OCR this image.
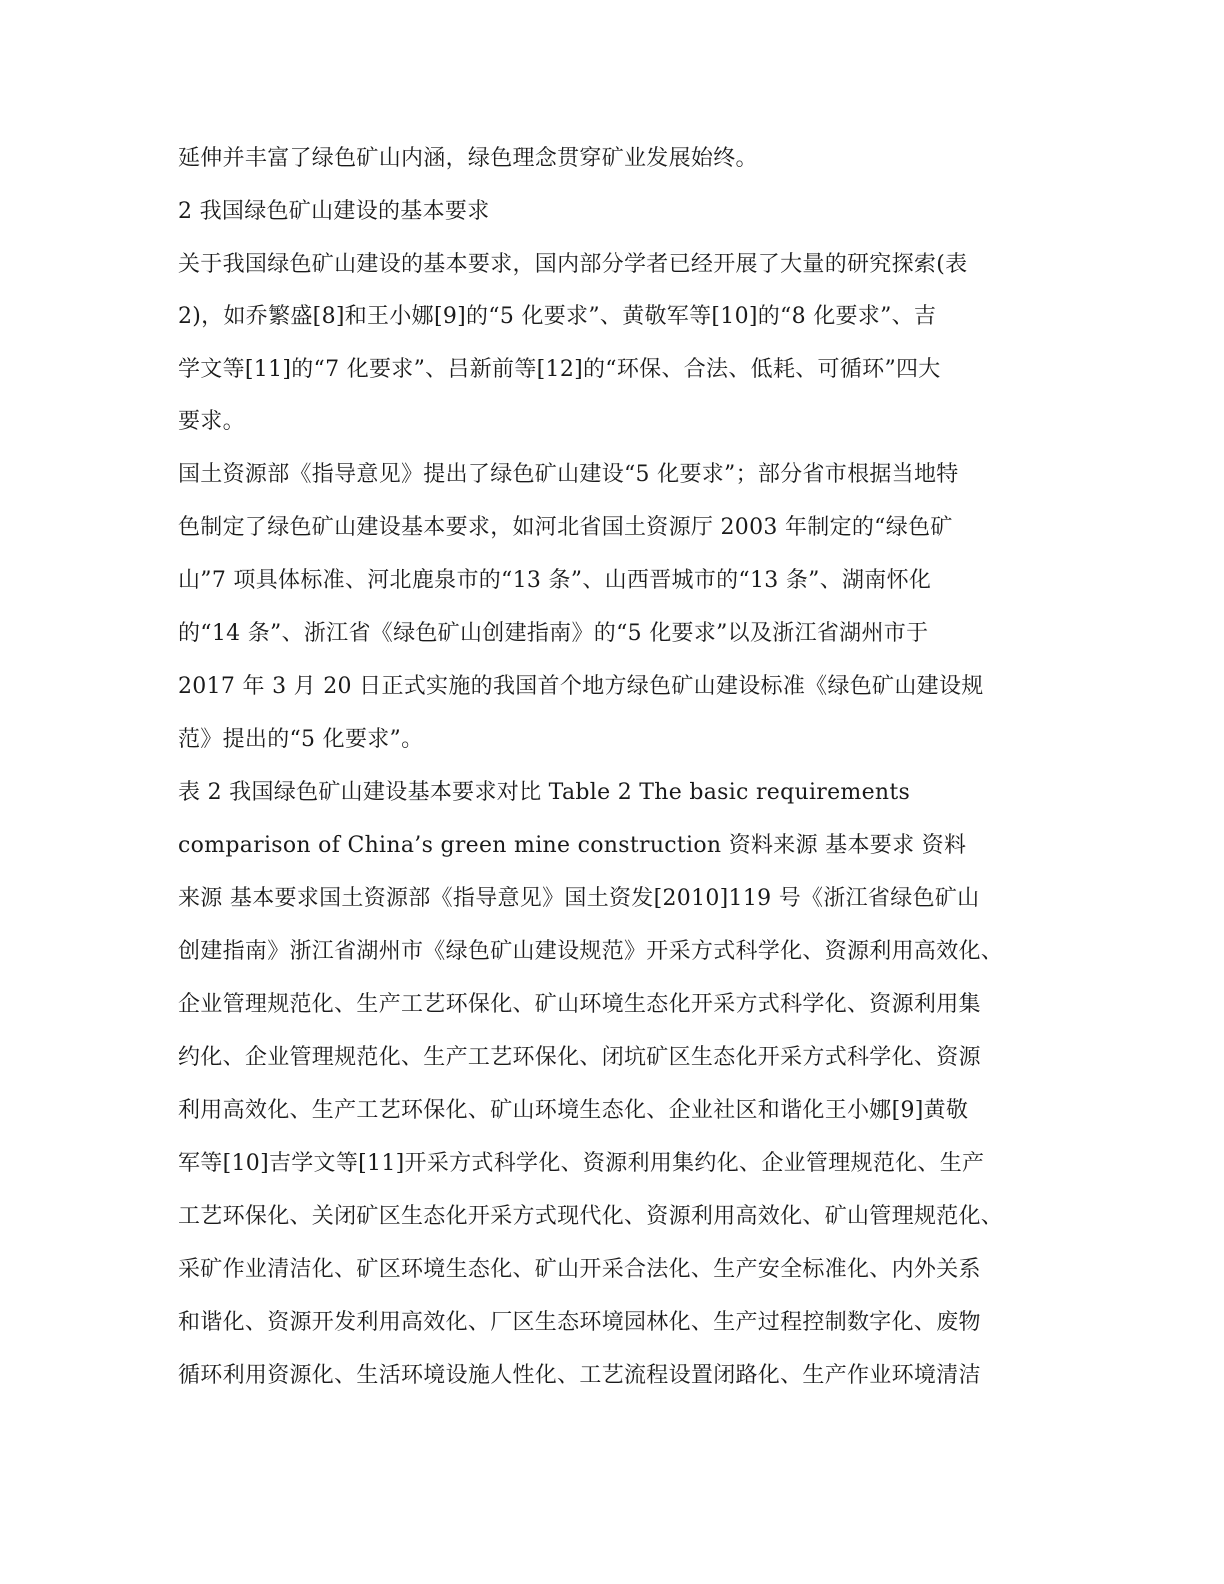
延伸并丰富了绿色矿山内涵，绿色理念贯穿矿业发展始终。
2 我国绿色矿山建设的基本要求
关于我国绿色矿山建设的基本要求，国内部分学者已经开展了大量的研究探索(表
2)，如乔繁盛[8]和王小娜[9]的“5 化要求”、黄敬军等[10]的“8 化要求”、吉
学文等[11]的“7 化要求”、吕新前等[12]的“环保、合法、低耗、可循环”四大
要求。
国土资源部《指导意见》提出了绿色矿山建设“5 化要求”；部分省市根据当地特
色制定了绿色矿山建设基本要求，如河北省国土资源厅 2003 年制定的“绿色矿
山”7 项具体标准、河北鹿泉市的“13 条”、山西晋城市的“13 条”、湖南怀化
的“14 条”、浙江省《绿色矿山创建指南》的“5 化要求”以及浙江省湖州市于
2017 年 3 月 20 日正式实施的我国首个地方绿色矿山建设标准《绿色矿山建设规
范》提出的“5 化要求”。
表 2 我国绿色矿山建设基本要求对比 Table 2 The basic requirements
comparison of China’s green mine construction 资料来源 基本要求 资料
来源 基本要求国土资源部《指导意见》国土资发[2010]119 号《浙江省绿色矿山
创建指南》浙江省湖州市《绿色矿山建设规范》开采方式科学化、资源利用高效化、
企业管理规范化、生产工艺环保化、矿山环境生态化开采方式科学化、资源利用集
约化、企业管理规范化、生产工艺环保化、闭坑矿区生态化开采方式科学化、资源
利用高效化、生产工艺环保化、矿山环境生态化、企业社区和谐化王小娜[9]黄敬
军等[10]吉学文等[11]开采方式科学化、资源利用集约化、企业管理规范化、生产
工艺环保化、关闭矿区生态化开采方式现代化、资源利用高效化、矿山管理规范化、
采矿作业清洁化、矿区环境生态化、矿山开采合法化、生产安全标准化、内外关系
和谐化、资源开发利用高效化、厂区生态环境园林化、生产过程控制数字化、废物
循环利用资源化、生活环境设施人性化、工艺流程设置闭路化、生产作业环境清洁
